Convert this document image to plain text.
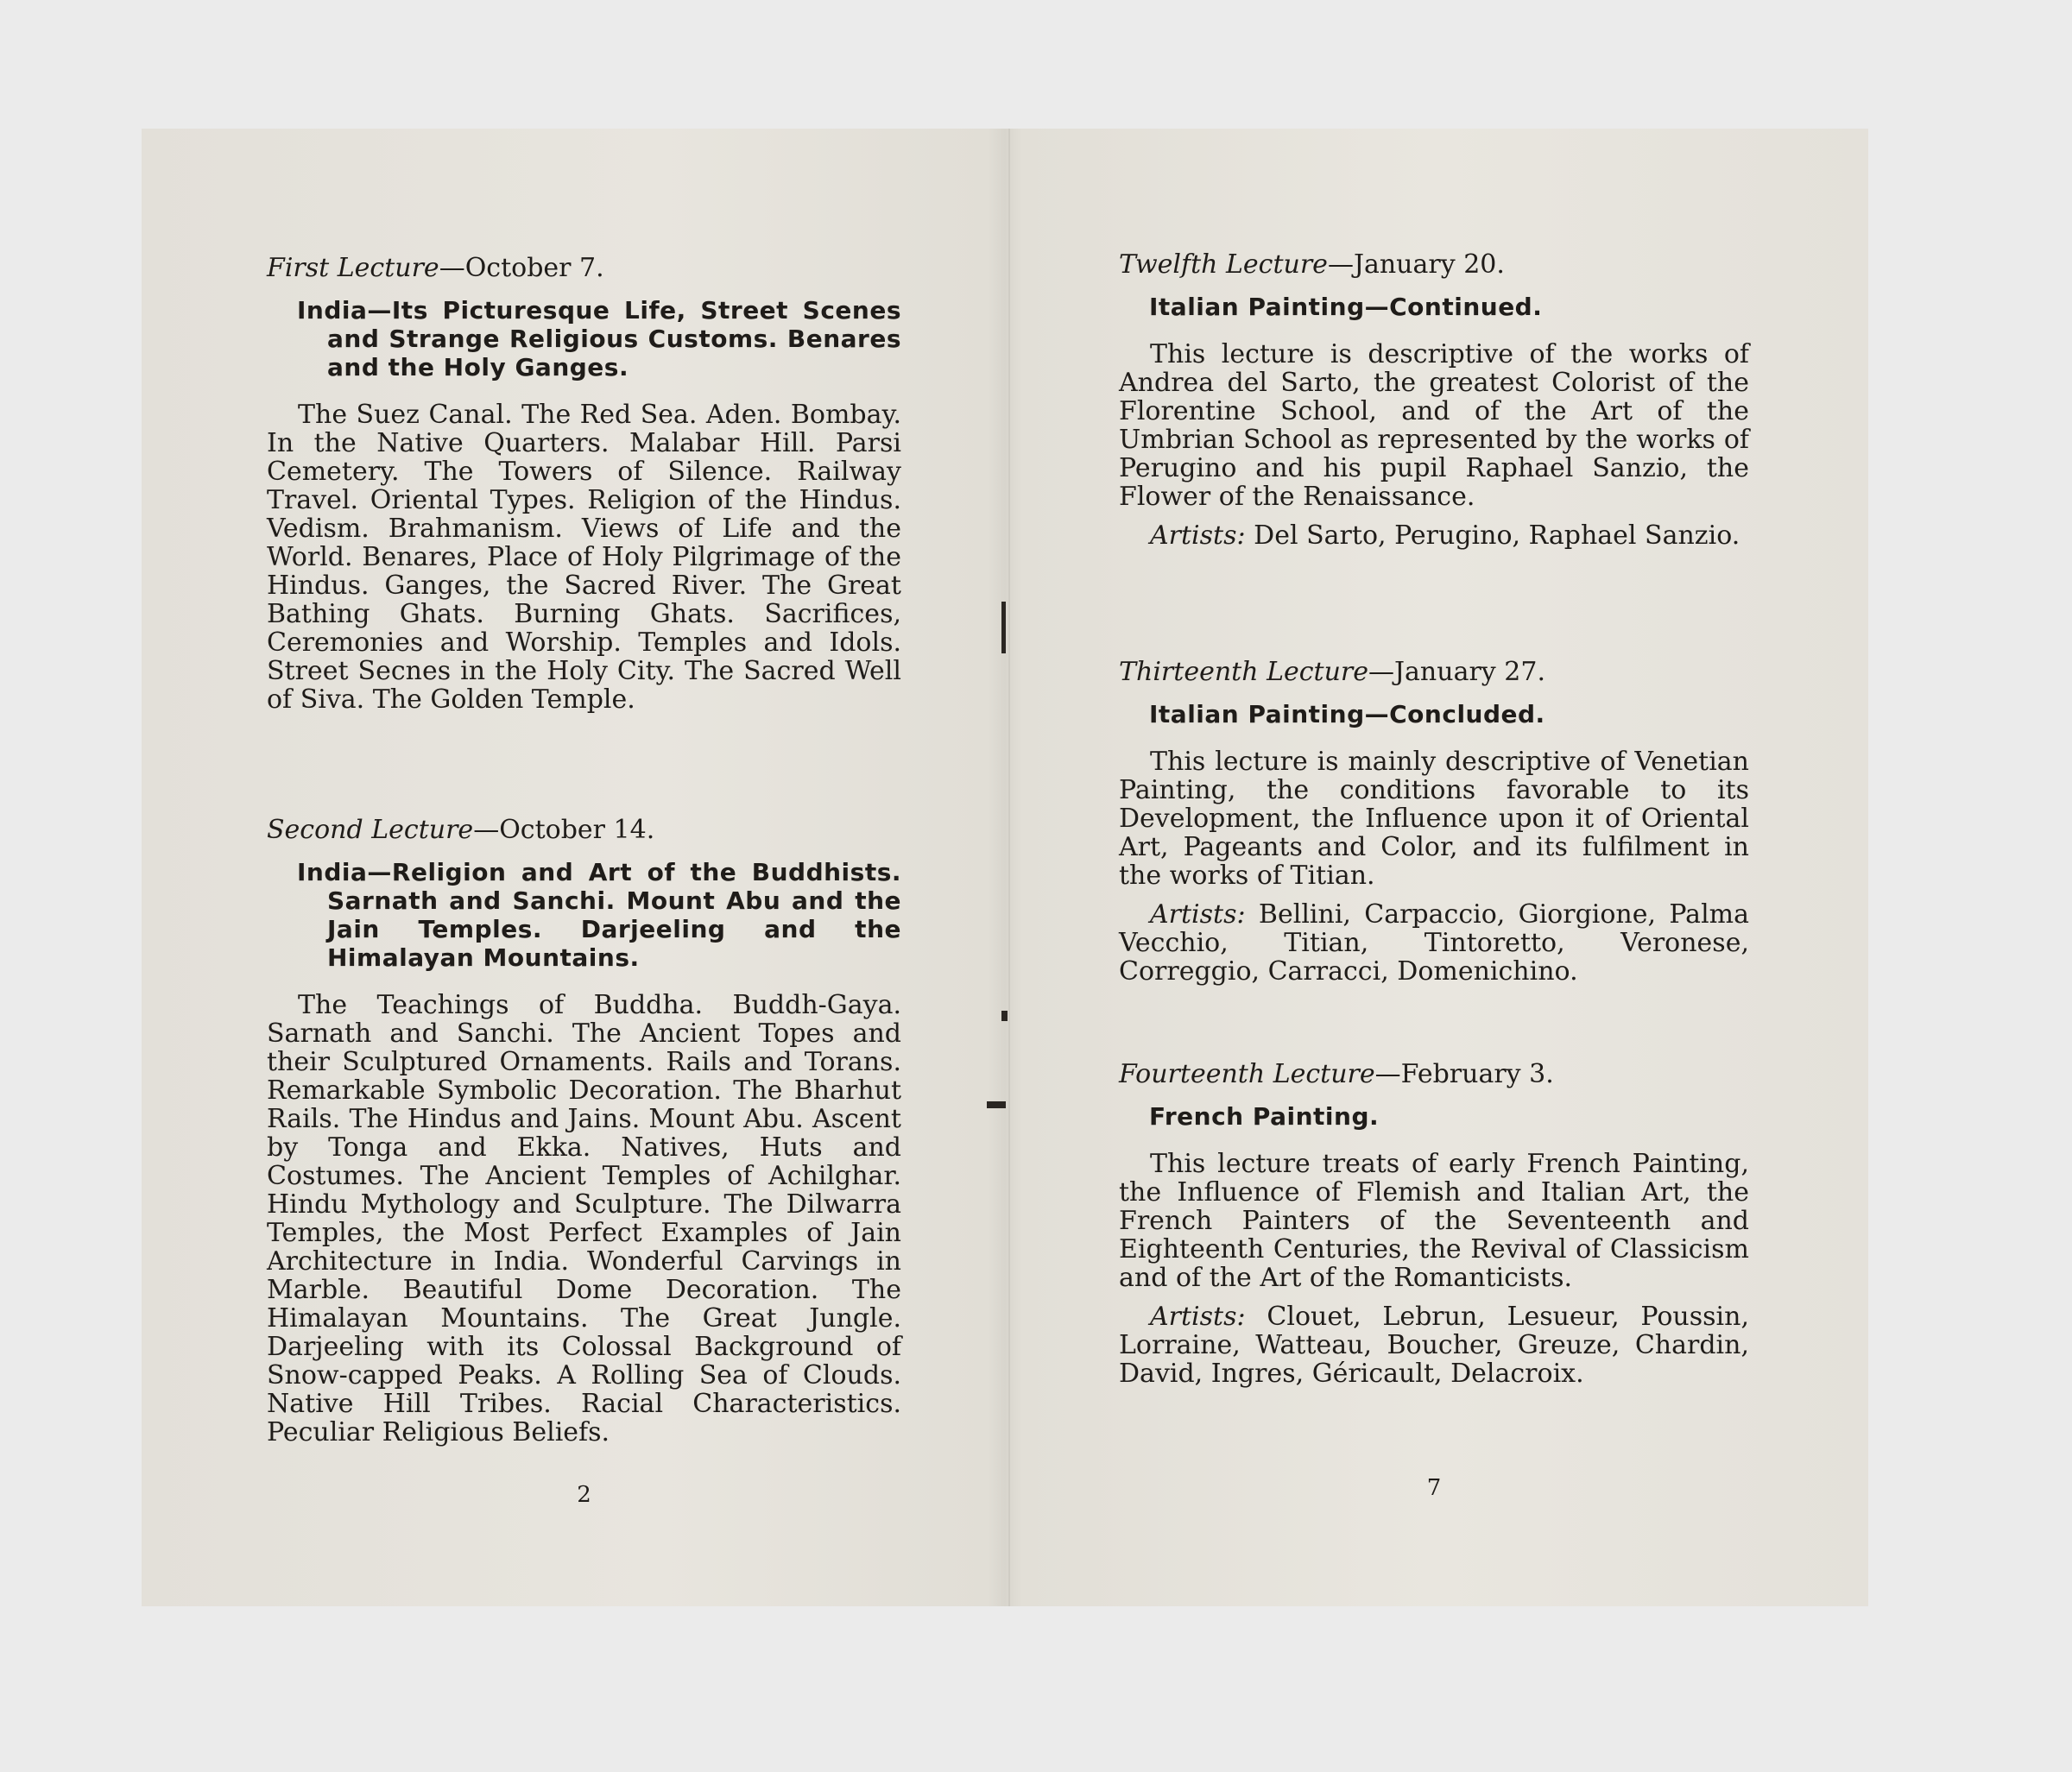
First Lecture—October 7.
India—Its Picturesque Life, Street Scenes and Strange Religious Customs. Benares and the Holy Ganges.
The Suez Canal. The Red Sea. Aden. Bombay. In the Native Quarters. Malabar Hill. Parsi Cemetery. The Towers of Silence. Railway Travel. Oriental Types. Religion of the Hindus. Vedism. Brahmanism. Views of Life and the World. Benares, Place of Holy Pilgrimage of the Hindus. Ganges, the Sacred River. The Great Bathing Ghats. Burning Ghats. Sacrifices, Ceremonies and Worship. Temples and Idols. Street Secnes in the Holy City. The Sacred Well of Siva. The Golden Temple.
Second Lecture—October 14.
India—Religion and Art of the Buddhists. Sarnath and Sanchi. Mount Abu and the Jain Temples. Darjeeling and the Himalayan Mountains.
The Teachings of Buddha. Buddh-Gaya. Sarnath and Sanchi. The Ancient Topes and their Sculptured Ornaments. Rails and Torans. Remarkable Symbolic Decoration. The Bharhut Rails. The Hindus and Jains. Mount Abu. Ascent by Tonga and Ekka. Natives, Huts and Costumes. The Ancient Temples of Achilghar. Hindu Mythology and Sculpture. The Dilwarra Temples, the Most Perfect Examples of Jain Architecture in India. Wonderful Carvings in Marble. Beautiful Dome Decoration. The Himalayan Mountains. The Great Jungle. Darjeeling with its Colossal Background of Snow-capped Peaks. A Rolling Sea of Clouds. Native Hill Tribes. Racial Characteristics. Peculiar Religious Beliefs.
2
Twelfth Lecture—January 20.
Italian Painting—Continued.
This lecture is descriptive of the works of Andrea del Sarto, the greatest Colorist of the Florentine School, and of the Art of the Umbrian School as represented by the works of Perugino and his pupil Raphael Sanzio, the Flower of the Renaissance.
Artists: Del Sarto, Perugino, Raphael Sanzio.
Thirteenth Lecture—January 27.
Italian Painting—Concluded.
This lecture is mainly descriptive of Venetian Painting, the conditions favorable to its Development, the Influence upon it of Oriental Art, Pageants and Color, and its fulfilment in the works of Titian.
Artists: Bellini, Carpaccio, Giorgione, Palma Vecchio, Titian, Tintoretto, Veronese, Correggio, Carracci, Domenichino.
Fourteenth Lecture—February 3.
French Painting.
This lecture treats of early French Painting, the Influence of Flemish and Italian Art, the French Painters of the Seventeenth and Eighteenth Centuries, the Revival of Classicism and of the Art of the Romanticists.
Artists: Clouet, Lebrun, Lesueur, Poussin, Lorraine, Watteau, Boucher, Greuze, Chardin, David, Ingres, Géricault, Delacroix.
7
